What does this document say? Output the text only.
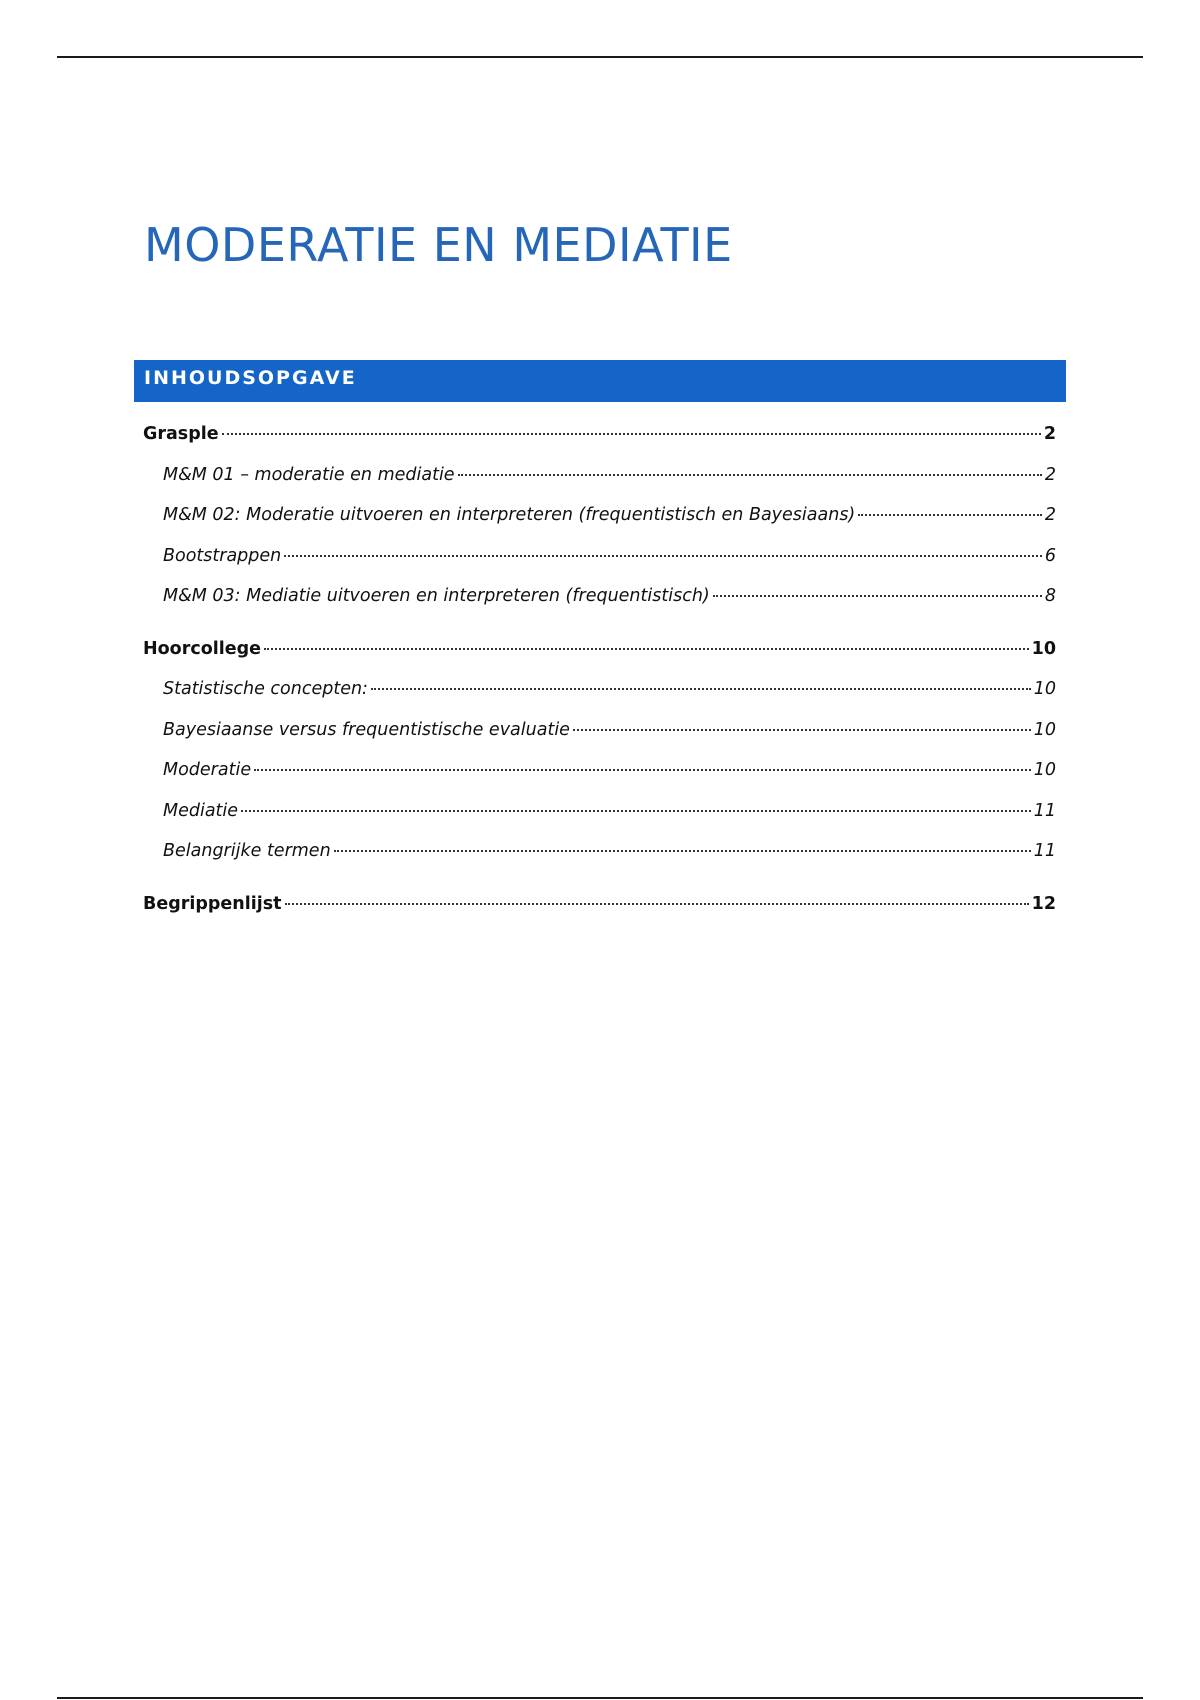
MODERATIE EN MEDIATIE
INHOUDSOPGAVE
Grasple	2
M&M 01 – moderatie en mediatie	2
M&M 02: Moderatie uitvoeren en interpreteren (frequentistisch en Bayesiaans)	2
Bootstrappen	6
M&M 03: Mediatie uitvoeren en interpreteren (frequentistisch)	8
Hoorcollege	10
Statistische concepten:	10
Bayesiaanse versus frequentistische evaluatie	10
Moderatie	10
Mediatie	11
Belangrijke termen	11
Begrippenlijst	12
